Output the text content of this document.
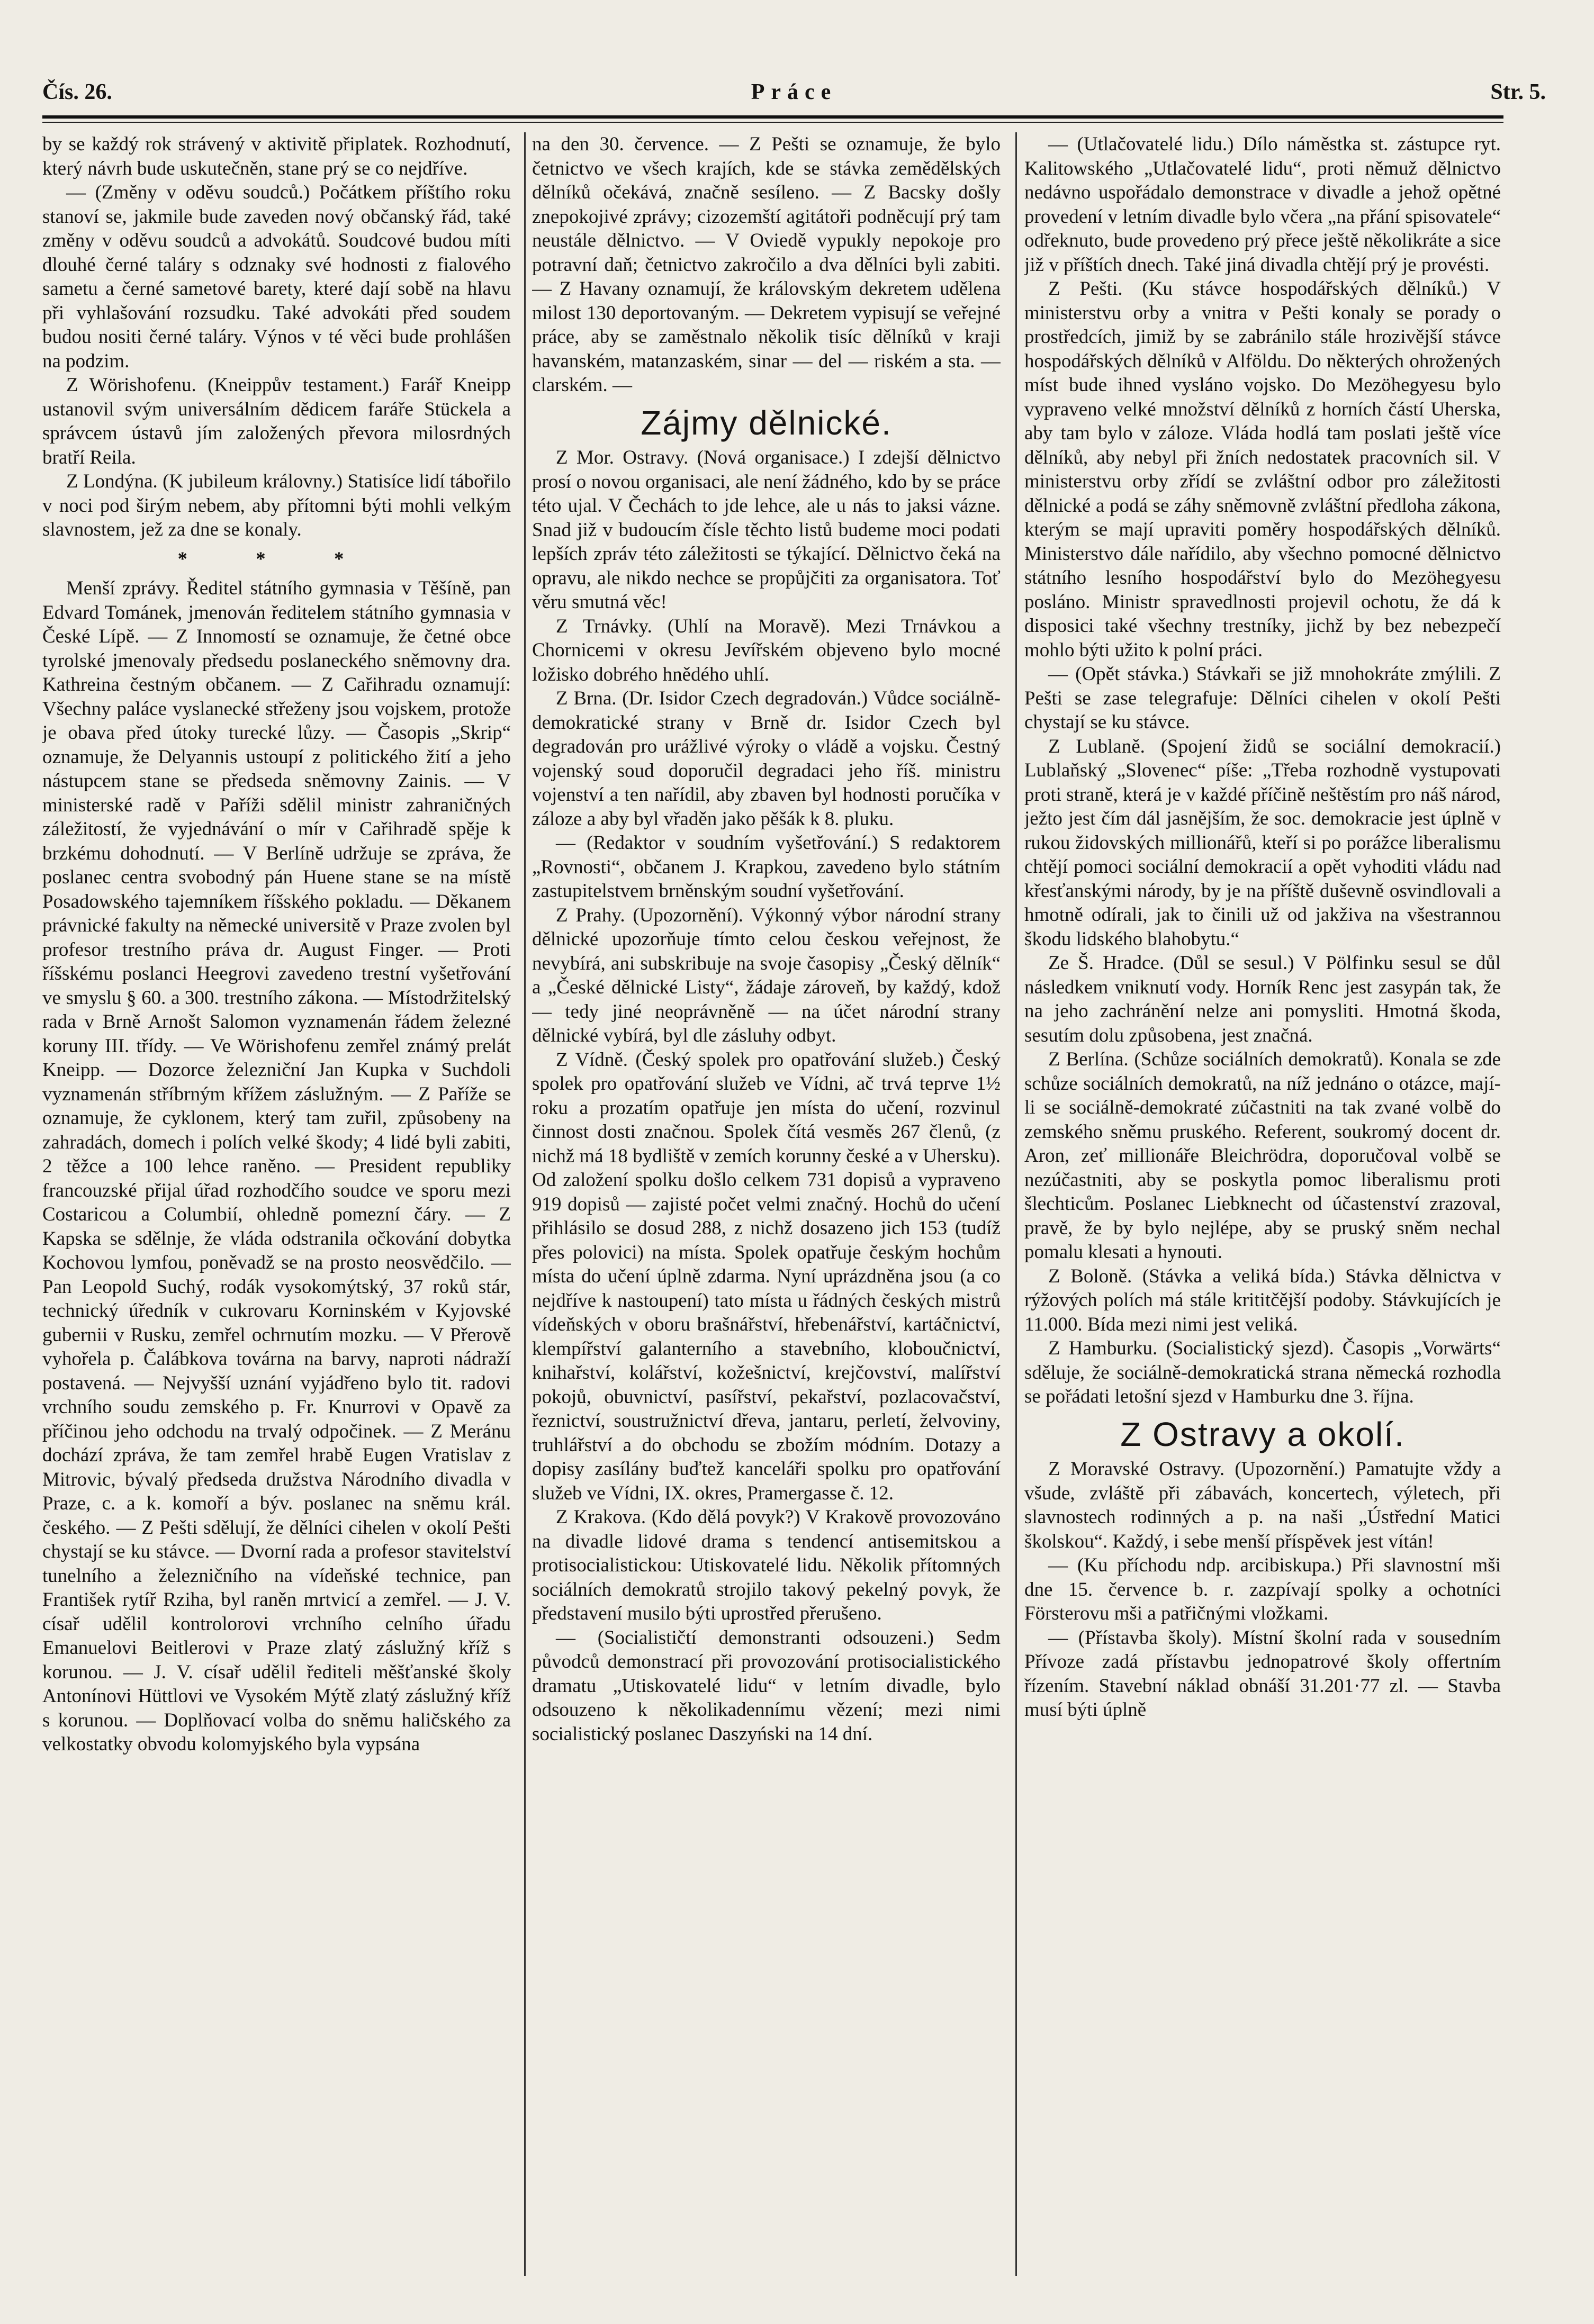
Čís. 26.	Práce	Str. 5.

by se každý rok strávený v aktivitě připlatek. Rozhodnutí, který návrh bude uskutečněn, stane prý se co nejdříve.

— (Změny v oděvu soudců.) Počátkem příštího roku stanoví se, jakmile bude zaveden nový občanský řád, také změny v oděvu soudců a advokátů. Soudcové budou míti dlouhé černé taláry s odznaky své hodnosti z fialového sametu a černé sametové barety, které dají sobě na hlavu při vyhlašování rozsudku. Také advokáti před soudem budou nositi černé taláry. Výnos v té věci bude prohlášen na podzim.

Z Wörishofenu. (Kneippův testament.) Farář Kneipp ustanovil svým universálním dědicem faráře Stückela a správcem ústavů jím založených převora milosrdných bratří Reila.

Z Londýna. (K jubileum královny.) Statisíce lidí tábořilo v noci pod širým nebem, aby přítomni býti mohli velkým slavnostem, jež za dne se konaly.

* * *

Menší zprávy. Ředitel státního gymnasia v Těšíně, pan Edvard Tománek, jmenován ředitelem státního gymnasia v České Lípě. — Z Innomostí se oznamuje, že četné obce tyrolské jmenovaly předsedu poslaneckého sněmovny dra. Kathreina čestným občanem. — Z Cařihradu oznamují: Všechny paláce vyslanecké střeženy jsou vojskem, protože je obava před útoky turecké lůzy. — Časopis „Skrip“ oznamuje, že Delyannis ustoupí z politického žití a jeho nástupcem stane se předseda sněmovny Zainis. — V ministerské radě v Paříži sdělil ministr zahraničných záležitostí, že vyjednávání o mír v Cařihradě spěje k brzkému dohodnutí. — V Berlíně udržuje se zpráva, že poslanec centra svobodný pán Huene stane se na místě Posadowského tajemníkem říšského pokladu. — Děkanem právnické fakulty na německé universitě v Praze zvolen byl profesor trestního práva dr. August Finger. — Proti říšskému poslanci Heegrovi zavedeno trestní vyšetřování ve smyslu § 60. a 300. trestního zákona. — Místodržitelský rada v Brně Arnošt Salomon vyznamenán řádem železné koruny III. třídy. — Ve Wörishofenu zemřel známý prelát Kneipp. — Dozorce železniční Jan Kupka v Suchdoli vyznamenán stříbrným křížem záslužným. — Z Paříže se oznamuje, že cyklonem, který tam zuřil, způsobeny na zahradách, domech i polích velké škody; 4 lidé byli zabiti, 2 těžce a 100 lehce raněno. — President republiky francouzské přijal úřad rozhodčího soudce ve sporu mezi Costaricou a Columbií, ohledně pomezní čáry. — Z Kapska se sdělnje, že vláda odstranila očkování dobytka Kochovou lymfou, poněvadž se na prosto neosvědčilo. — Pan Leopold Suchý, rodák vysokomýtský, 37 roků stár, technický úředník v cukrovaru Korninském v Kyjovské gubernii v Rusku, zemřel ochrnutím mozku. — V Přerově vyhořela p. Čalábkova továrna na barvy, naproti nádraží postavená. — Nejvyšší uznání vyjádřeno bylo tit. radovi vrchního soudu zemského p. Fr. Knurrovi v Opavě za příčinou jeho odchodu na trvalý odpočinek. — Z Meránu dochází zpráva, že tam zemřel hrabě Eugen Vratislav z Mitrovic, bývalý předseda družstva Národního divadla v Praze, c. a k. komoří a býv. poslanec na sněmu král. českého. — Z Pešti sdělují, že dělníci cihelen v okolí Pešti chystají se ku stávce. — Dvorní rada a profesor stavitelství tunelního a železničního na vídeňské technice, pan František rytíř Rziha, byl raněn mrtvicí a zemřel. — J. V. císař udělil kontrolorovi vrchního celního úřadu Emanuelovi Beitlerovi v Praze zlatý záslužný kříž s korunou. — J. V. císař udělil řediteli měšťanské školy Antonínovi Hüttlovi ve Vysokém Mýtě zlatý záslužný kříž s korunou. — Doplňovací volba do sněmu haličského za velkostatky obvodu kolomyjského byla vypsána

na den 30. července. — Z Pešti se oznamuje, že bylo četnictvo ve všech krajích, kde se stávka zemědělských dělníků očekává, značně sesíleno. — Z Bacsky došly znepokojivé zprávy; cizozemští agitátoři podněcují prý tam neustále dělnictvo. — V Oviedě vypukly nepokoje pro potravní daň; četnictvo zakročilo a dva dělníci byli zabiti. — Z Havany oznamují, že královským dekretem udělena milost 130 deportovaným. — Dekretem vypisují se veřejné práce, aby se zaměstnalo několik tisíc dělníků v kraji havanském, matanzaském, sinar — del — riském a sta. — clarském. —

Zájmy dělnické.

Z Mor. Ostravy. (Nová organisace.) I zdejší dělnictvo prosí o novou organisaci, ale není žádného, kdo by se práce této ujal. V Čechách to jde lehce, ale u nás to jaksi vázne. Snad již v budoucím čísle těchto listů budeme moci podati lepších zpráv této záležitosti se týkající. Dělnictvo čeká na opravu, ale nikdo nechce se propůjčiti za organisatora. Toť věru smutná věc!

Z Trnávky. (Uhlí na Moravě). Mezi Trnávkou a Chornicemi v okresu Jevířském objeveno bylo mocné ložisko dobrého hnědého uhlí.

Z Brna. (Dr. Isidor Czech degradován.) Vůdce sociálně-demokratické strany v Brně dr. Isidor Czech byl degradován pro urážlivé výroky o vládě a vojsku. Čestný vojenský soud doporučil degradaci jeho říš. ministru vojenství a ten nařídil, aby zbaven byl hodnosti poručíka v záloze a aby byl vřaděn jako pěšák k 8. pluku.

— (Redaktor v soudním vyšetřování.) S redaktorem „Rovnosti“, občanem J. Krapkou, zavedeno bylo státním zastupitelstvem brněnským soudní vyšetřování.

Z Prahy. (Upozornění). Výkonný výbor národní strany dělnické upozorňuje tímto celou českou veřejnost, že nevybírá, ani subskribuje na svoje časopisy „Český dělník“ a „České dělnické Listy“, žádaje zároveň, by každý, kdož — tedy jiné neoprávněně — na účet národní strany dělnické vybírá, byl dle zásluhy odbyt.

Z Vídně. (Český spolek pro opatřování služeb.) Český spolek pro opatřování služeb ve Vídni, ač trvá teprve 1½ roku a prozatím opatřuje jen místa do učení, rozvinul činnost dosti značnou. Spolek čítá vesměs 267 členů, (z nichž má 18 bydliště v zemích korunny české a v Uhersku). Od založení spolku došlo celkem 731 dopisů a vypraveno 919 dopisů — zajisté počet velmi značný. Hochů do učení přihlásilo se dosud 288, z nichž dosazeno jich 153 (tudíž přes polovici) na místa. Spolek opatřuje českým hochům místa do učení úplně zdarma. Nyní uprázdněna jsou (a co nejdříve k nastoupení) tato místa u řádných českých mistrů vídeňských v oboru brašnářství, hřebenářství, kartáčnictví, klempířství galanterního a stavebního, kloboučnictví, knihařství, kolářství, kožešnictví, krejčovství, malířství pokojů, obuvnictví, pasířství, pekařství, pozlacovačství, řeznictví, soustružnictví dřeva, jantaru, perletí, želvoviny, truhlářství a do obchodu se zbožím módním. Dotazy a dopisy zasílány buďtež kanceláři spolku pro opatřování služeb ve Vídni, IX. okres, Pramergasse č. 12.

Z Krakova. (Kdo dělá povyk?) V Krakově provozováno na divadle lidové drama s tendencí antisemitskou a protisocialistickou: Utiskovatelé lidu. Několik přítomných sociálních demokratů strojilo takový pekelný povyk, že představení musilo býti uprostřed přerušeno.

— (Socialističtí demonstranti odsouzeni.) Sedm původců demonstrací při provozování protisocialistického dramatu „Utiskovatelé lidu“ v letním divadle, bylo odsouzeno k několikadennímu vězení; mezi nimi socialistický poslanec Daszyński na 14 dní.

— (Utlačovatelé lidu.) Dílo náměstka st. zástupce ryt. Kalitowského „Utlačovatelé lidu“, proti němuž dělnictvo nedávno uspořádalo demonstrace v divadle a jehož opětné provedení v letním divadle bylo včera „na přání spisovatele“ odřeknuto, bude provedeno prý přece ještě několikráte a sice již v příštích dnech. Také jiná divadla chtějí prý je provésti.

Z Pešti. (Ku stávce hospodářských dělníků.) V ministerstvu orby a vnitra v Pešti konaly se porady o prostředcích, jimiž by se zabránilo stále hrozivější stávce hospodářských dělníků v Alföldu. Do některých ohrožených míst bude ihned vysláno vojsko. Do Mezöhegyesu bylo vypraveno velké množství dělníků z horních částí Uherska, aby tam bylo v záloze. Vláda hodlá tam poslati ještě více dělníků, aby nebyl při žních nedostatek pracovních sil. V ministerstvu orby zřídí se zvláštní odbor pro záležitosti dělnické a podá se záhy sněmovně zvláštní předloha zákona, kterým se mají upraviti poměry hospodářských dělníků. Ministerstvo dále nařídilo, aby všechno pomocné dělnictvo státního lesního hospodářství bylo do Mezöhegyesu posláno. Ministr spravedlnosti projevil ochotu, že dá k disposici také všechny trestníky, jichž by bez nebezpečí mohlo býti užito k polní práci.

— (Opět stávka.) Stávkaři se již mnohokráte zmýlili. Z Pešti se zase telegrafuje: Dělníci cihelen v okolí Pešti chystají se ku stávce.

Z Lublaně. (Spojení židů se sociální demokracií.) Lublaňský „Slovenec“ píše: „Třeba rozhodně vystupovati proti straně, která je v každé příčině neštěstím pro náš národ, ježto jest čím dál jasnějším, že soc. demokracie jest úplně v rukou židovských millionářů, kteří si po porážce liberalismu chtějí pomoci sociální demokracií a opět vyhoditi vládu nad křesťanskými národy, by je na příště duševně osvindlovali a hmotně odírali, jak to činili už od jakživa na všestrannou škodu lidského blahobytu.“

Ze Š. Hradce. (Důl se sesul.) V Pölfinku sesul se důl následkem vniknutí vody. Horník Renc jest zasypán tak, že na jeho zachránění nelze ani pomysliti. Hmotná škoda, sesutím dolu způsobena, jest značná.

Z Berlína. (Schůze sociálních demokratů). Konala se zde schůze sociálních demokratů, na níž jednáno o otázce, mají-li se sociálně-demokraté zúčastniti na tak zvané volbě do zemského sněmu pruského. Referent, soukromý docent dr. Aron, zeť millionáře Bleichrödra, doporučoval volbě se nezúčastniti, aby se poskytla pomoc liberalismu proti šlechticům. Poslanec Liebknecht od účastenství zrazoval, pravě, že by bylo nejlépe, aby se pruský sněm nechal pomalu klesati a hynouti.

Z Boloně. (Stávka a veliká bída.) Stávka dělnictva v rýžových polích má stále krititčější podoby. Stávkujících je 11.000. Bída mezi nimi jest veliká.

Z Hamburku. (Socialistický sjezd). Časopis „Vorwärts“ sděluje, že sociálně-demokratická strana německá rozhodla se pořádati letošní sjezd v Hamburku dne 3. října.

Z Ostravy a okolí.

Z Moravské Ostravy. (Upozornění.) Pamatujte vždy a všude, zvláště při zábavách, koncertech, výletech, při slavnostech rodinných a p. na naši „Ústřední Matici školskou“. Každý, i sebe menší příspěvek jest vítán!

— (Ku příchodu ndp. arcibiskupa.) Při slavnostní mši dne 15. července b. r. zazpívají spolky a ochotníci Försterovu mši a patřičnými vložkami.

— (Přístavba školy). Místní školní rada v sousedním Přívoze zadá přístavbu jednopatrové školy offertním řízením. Stavební náklad obnáší 31.201·77 zl. — Stavba musí býti úplně
